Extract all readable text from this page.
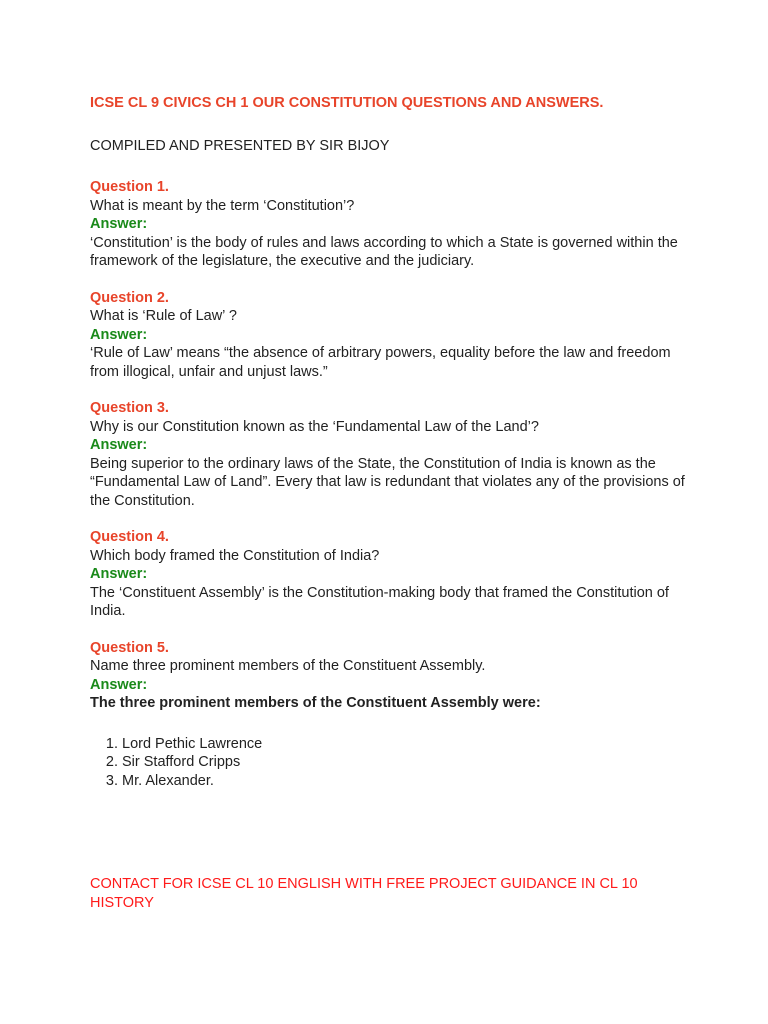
ICSE CL 9 CIVICS CH 1 OUR CONSTITUTION QUESTIONS AND ANSWERS.
COMPILED AND PRESENTED BY SIR BIJOY
Question 1.
What is meant by the term ‘Constitution’?
Answer:
‘Constitution’ is the body of rules and laws according to which a State is governed within the framework of the legislature, the executive and the judiciary.
Question 2.
What is ‘Rule of Law’ ?
Answer:
‘Rule of Law’ means “the absence of arbitrary powers, equality before the law and freedom from illogical, unfair and unjust laws.”
Question 3.
Why is our Constitution known as the ‘Fundamental Law of the Land’?
Answer:
Being superior to the ordinary laws of the State, the Constitution of India is known as the “Fundamental Law of Land”. Every that law is redundant that violates any of the provisions of the Constitution.
Question 4.
Which body framed the Constitution of India?
Answer:
The ‘Constituent Assembly’ is the Constitution-making body that framed the Constitution of India.
Question 5.
Name three prominent members of the Constituent Assembly.
Answer:
The three prominent members of the Constituent Assembly were:
1. Lord Pethic Lawrence
2. Sir Stafford Cripps
3. Mr. Alexander.
CONTACT FOR ICSE CL 10 ENGLISH WITH FREE PROJECT GUIDANCE IN CL 10 HISTORY
